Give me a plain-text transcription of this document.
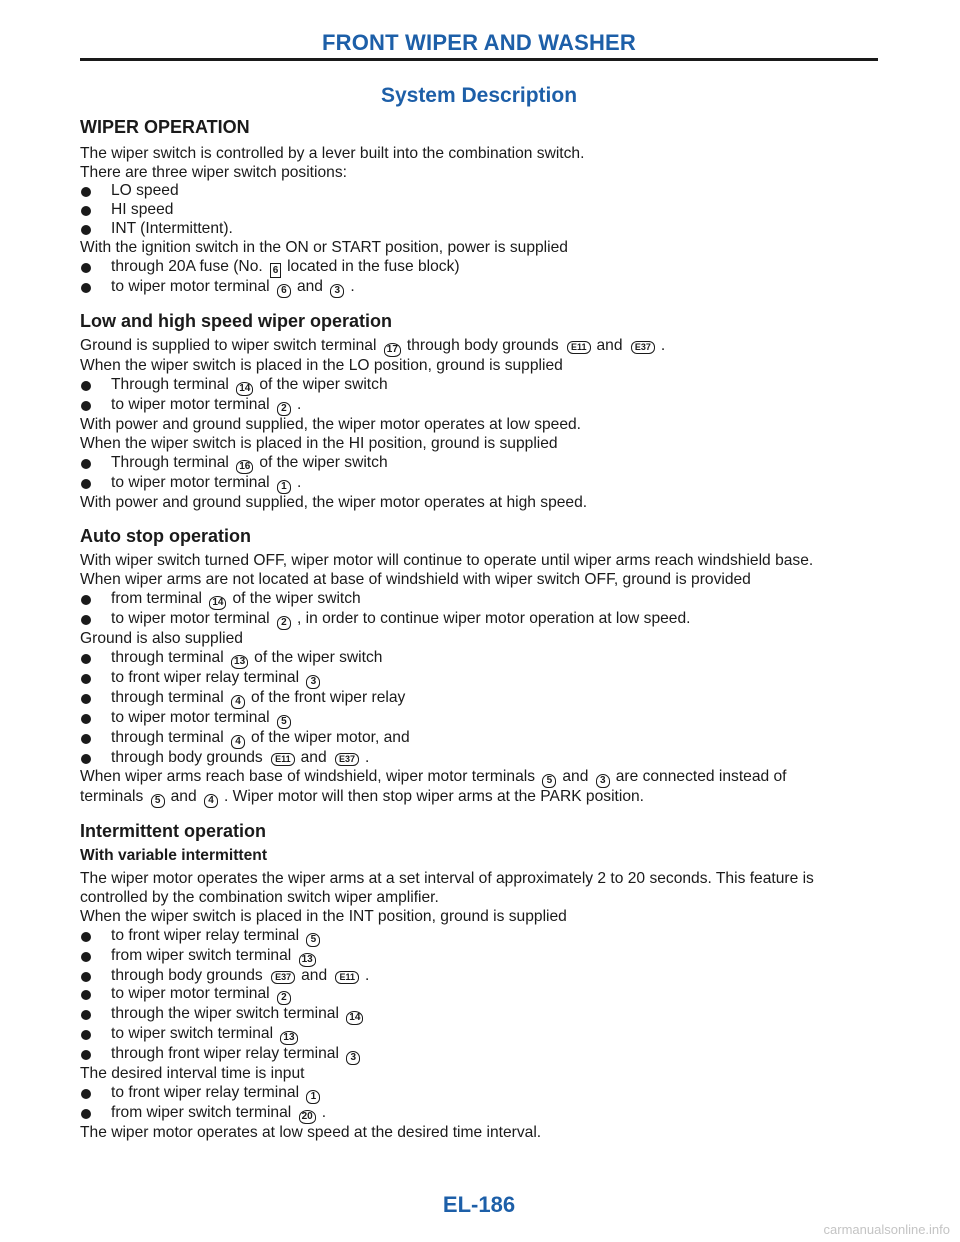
FRONT WIPER AND WASHER
System Description
WIPER OPERATION

The wiper switch is controlled by a lever built into the combination switch.

There are three wiper switch positions:

LO speed

HI speed

INT (Intermittent).

With the ignition switch in the ON or START position, power is supplied

through 20A fuse (No. 6 located in the fuse block)

to wiper motor terminal 6 and 3 .

Low and high speed wiper operation

Ground is supplied to wiper switch terminal 17 through body grounds E11 and E37 .

When the wiper switch is placed in the LO position, ground is supplied

Through terminal 14 of the wiper switch

to wiper motor terminal 2 .

With power and ground supplied, the wiper motor operates at low speed.

When the wiper switch is placed in the HI position, ground is supplied

Through terminal 16 of the wiper switch

to wiper motor terminal 1 .

With power and ground supplied, the wiper motor operates at high speed.

Auto stop operation

With wiper switch turned OFF, wiper motor will continue to operate until wiper arms reach windshield base.

When wiper arms are not located at base of windshield with wiper switch OFF, ground is provided

from terminal 14 of the wiper switch

to wiper motor terminal 2 , in order to continue wiper motor operation at low speed.

Ground is also supplied

through terminal 13 of the wiper switch

to front wiper relay terminal 3

through terminal 4 of the front wiper relay

to wiper motor terminal 5

through terminal 4 of the wiper motor, and

through body grounds E11 and E37 .

When wiper arms reach base of windshield, wiper motor terminals 5 and 3 are connected instead of

terminals 5 and 4 . Wiper motor will then stop wiper arms at the PARK position.

Intermittent operation
With variable intermittent

The wiper motor operates the wiper arms at a set interval of approximately 2 to 20 seconds. This feature is

controlled by the combination switch wiper amplifier.

When the wiper switch is placed in the INT position, ground is supplied

to front wiper relay terminal 5

from wiper switch terminal 13

through body grounds E37 and E11 .

to wiper motor terminal 2

through the wiper switch terminal 14

to wiper switch terminal 13

through front wiper relay terminal 3

The desired interval time is input

to front wiper relay terminal 1

from wiper switch terminal 20 .

The wiper motor operates at low speed at the desired time interval.

EL-186
carmanualsonline.info
